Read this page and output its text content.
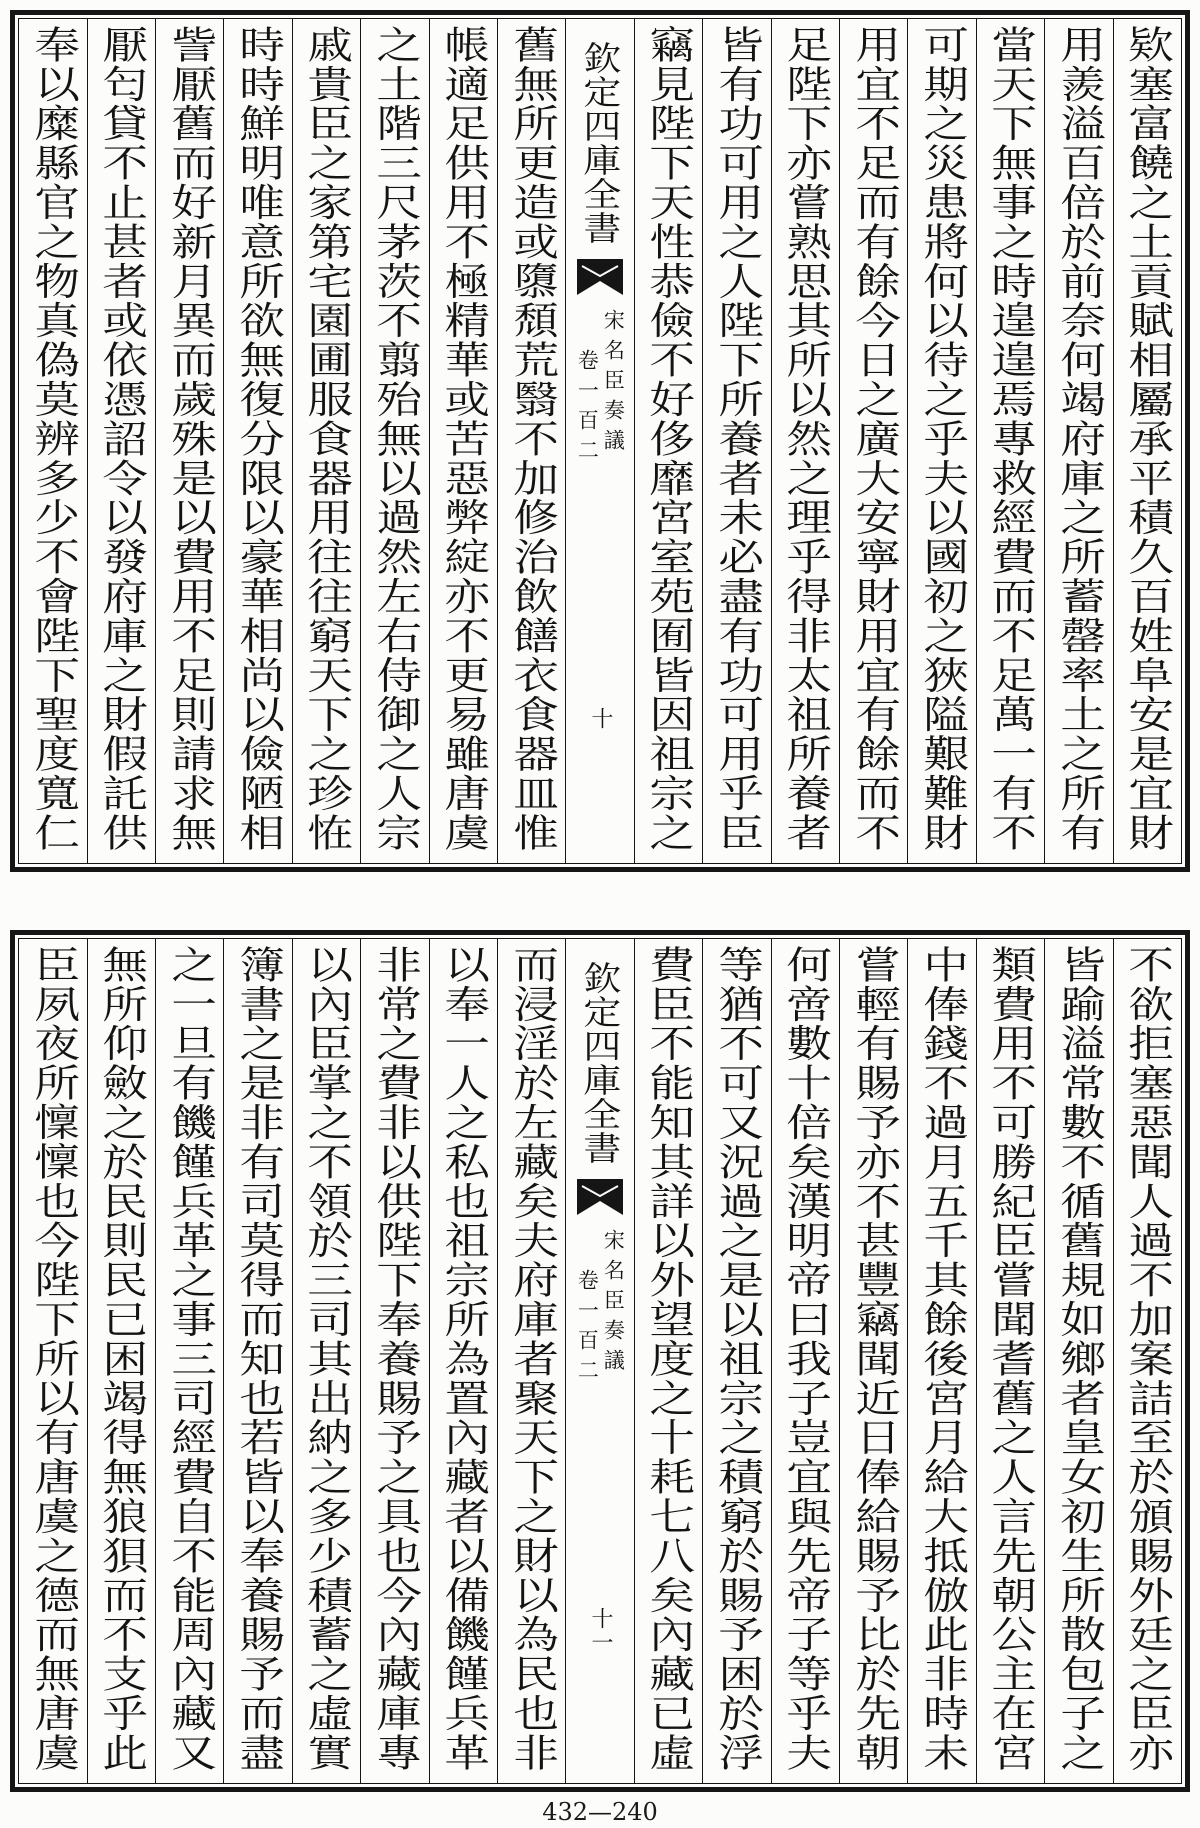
欵塞富饒之土貢賦相屬承平積久百姓阜安是宜財
用羨溢百倍於前奈何竭府庫之所蓄罄率土之所有
當天下無事之時遑遑焉專救經費而不足萬一有不
可期之災患將何以待之乎夫以國初之狹隘艱難財
用宜不足而有餘今日之廣大安寧財用宜有餘而不
足陛下亦嘗熟思其所以然之理乎得非太祖所養者
皆有功可用之人陛下所養者未必盡有功可用乎臣
竊見陛下天性恭儉不好侈靡宮室苑囿皆因祖宗之
欽定四庫全書
宋名臣奏議
卷一百二
十
舊無所更造或隳頹荒翳不加修治飲饍衣食器皿惟
帳適足供用不極精華或苦惡弊綻亦不更易雖唐虞
之土階三尺茅茨不翦殆無以過然左右侍御之人宗
戚貴臣之家第宅園圃服食器用往往窮天下之珍恠
時時鮮明唯意所欲無復分限以豪華相尚以儉陋相
訾厭舊而好新月異而歲殊是以費用不足則請求無
厭匄貸不止甚者或依憑詔令以發府庫之財假託供
奉以糜縣官之物真偽莫辨多少不會陛下聖度寬仁
不欲拒塞惡聞人過不加案詰至於頒賜外廷之臣亦
皆踰溢常數不循舊規如鄉者皇女初生所散包子之
類費用不可勝紀臣嘗聞耆舊之人言先朝公主在宮
中俸錢不過月五千其餘後宮月給大抵倣此非時未
嘗輕有賜予亦不甚豐竊聞近日俸給賜予比於先朝
何啻數十倍矣漢明帝曰我子豈宜與先帝子等乎夫
等猶不可又況過之是以祖宗之積窮於賜予困於浮
費臣不能知其詳以外望度之十耗七八矣內藏已虛
欽定四庫全書
宋名臣奏議
卷一百二
十一
而浸淫於左藏矣夫府庫者聚天下之財以為民也非
以奉一人之私也祖宗所為置內藏者以備饑饉兵革
非常之費非以供陛下奉養賜予之具也今內藏庫專
以內臣掌之不領於三司其出納之多少積蓄之虛實
簿書之是非有司莫得而知也若皆以奉養賜予而盡
之一旦有饑饉兵革之事三司經費自不能周內藏又
無所仰斂之於民則民已困竭得無狼狽而不支乎此
臣夙夜所懍懍也今陛下所以有唐虞之德而無唐虞
432—240
